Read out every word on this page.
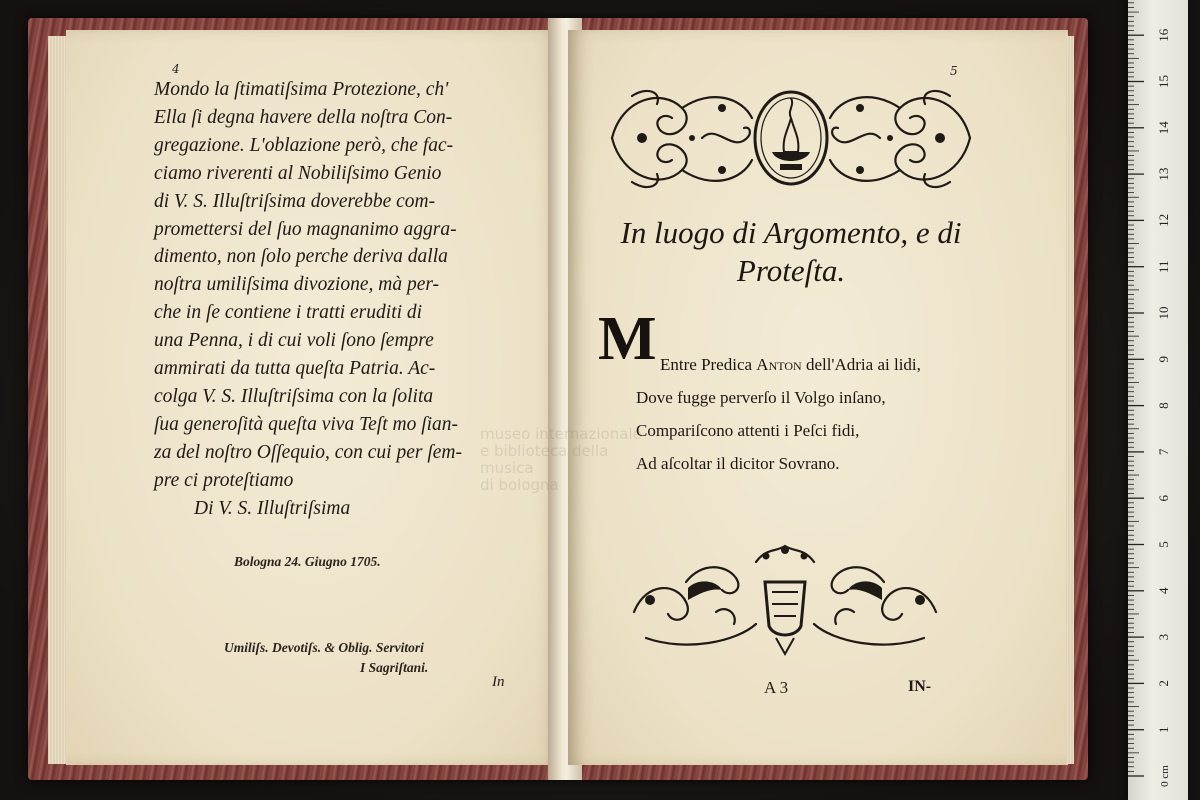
4
Mondo la ſtimatiſsima Protezione, ch'
Ella ſi degna havere della noſtra Con-
gregazione. L'oblazione però, che fac-
ciamo riverenti al Nobiliſsimo Genio
di V. S. Illuſtriſsima doverebbe com-
promettersi del ſuo magnanimo aggra-
dimento, non ſolo perche deriva dalla
noſtra umiliſsima divozione, mà per-
che in ſe contiene i tratti eruditi di
una Penna, i di cui voli ſono ſempre
ammirati da tutta queſta Patria. Ac-
colga V. S. Illuſtriſsima con la ſolita
ſua generoſità queſta viva Teſt mo ſian-
za del noſtro Oſſequio, con cui per ſem-
pre ci proteſtiamo
Di V. S. Illuſtriſsima
Bologna 24. Giugno 1705.
Umiliſs. Devotiſs. & Oblig. Servitori
I Sagriſtani.
In
5
In luogo di Argomento, e di
Proteſta.
M Entre Predica Anton dell'Adria ai lidi,
Dove fugge perverſo il Volgo inſano,
Compariſcono attenti i Peſci fidi,
Ad aſcoltar il dicitor Sovrano.
A 3	IN-
museo internazionale
e biblioteca della musica
di bologna
1
2
3
4
5
6
7
8
9
10
11
12
13
14
15
16
0 cm
